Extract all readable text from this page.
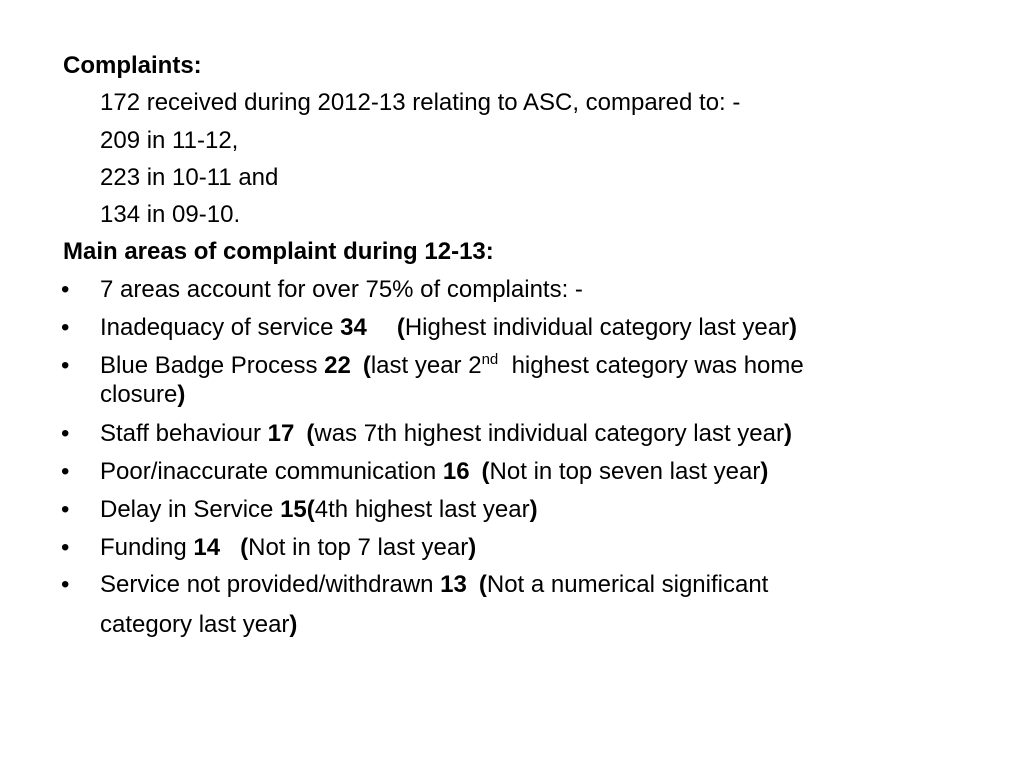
Complaints:
172 received during 2012-13 relating to ASC, compared to: -
209 in 11-12,
223 in 10-11 and
134 in 09-10.
Main areas of complaint during 12-13:
• 7 areas account for over 75% of complaints: -
• Inadequacy of service 34 (Highest individual category last year)
• Blue Badge Process 22 (last year 2nd  highest category was home
closure)
• Staff behaviour 17 (was 7th highest individual category last year)
• Poor/inaccurate communication 16 (Not in top seven last year)
• Delay in Service 15(4th highest last year)
• Funding 14 (Not in top 7 last year)
• Service not provided/withdrawn 13 (Not a numerical significant
category last year)
